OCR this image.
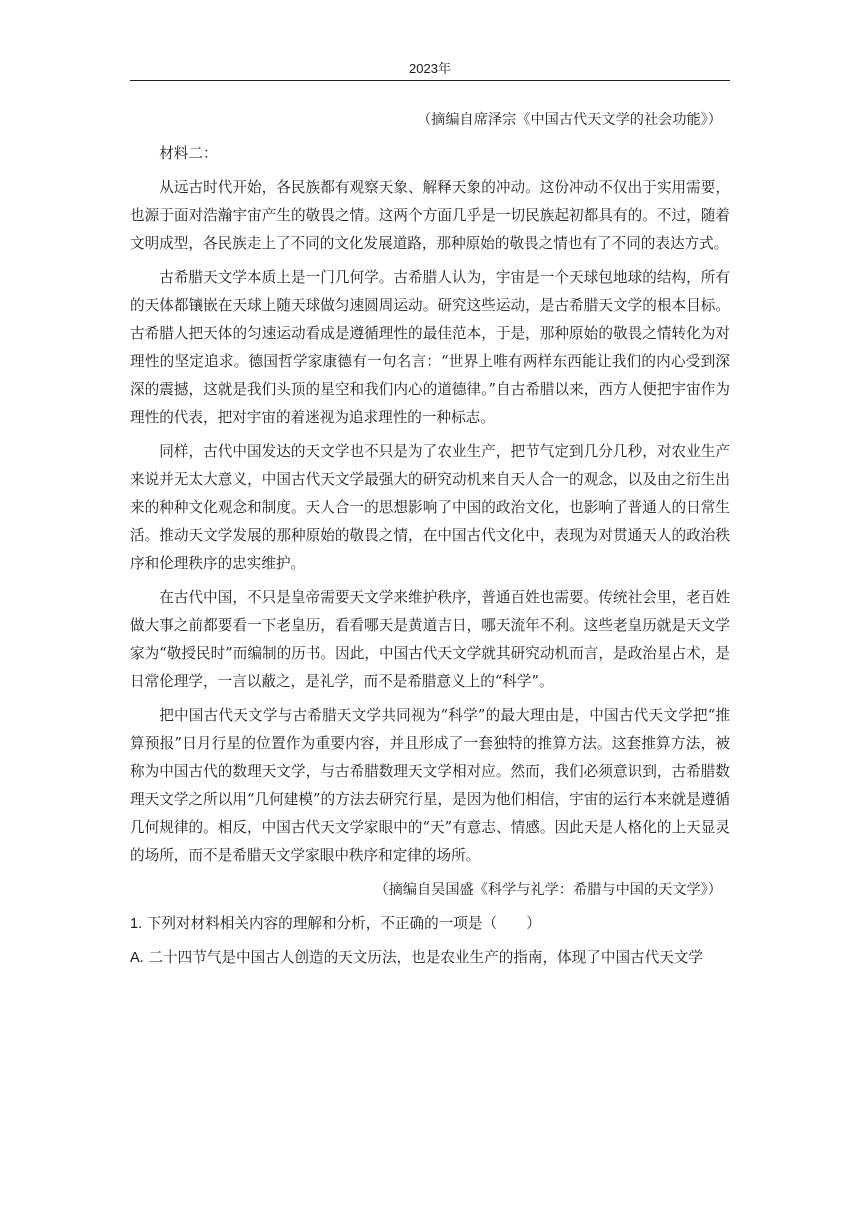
2023年

（摘编自席泽宗《中国古代天文学的社会功能》）

材料二：

从远古时代开始，各民族都有观察天象、解释天象的冲动。这份冲动不仅出于实用需要，也源于面对浩瀚宇宙产生的敬畏之情。这两个方面几乎是一切民族起初都具有的。不过，随着文明成型，各民族走上了不同的文化发展道路，那种原始的敬畏之情也有了不同的表达方式。

古希腊天文学本质上是一门几何学。古希腊人认为，宇宙是一个天球包地球的结构，所有的天体都镶嵌在天球上随天球做匀速圆周运动。研究这些运动，是古希腊天文学的根本目标。古希腊人把天体的匀速运动看成是遵循理性的最佳范本，于是，那种原始的敬畏之情转化为对理性的坚定追求。德国哲学家康德有一句名言：“世界上唯有两样东西能让我们的内心受到深深的震撼，这就是我们头顶的星空和我们内心的道德律。”自古希腊以来，西方人便把宇宙作为理性的代表，把对宇宙的着迷视为追求理性的一种标志。

同样，古代中国发达的天文学也不只是为了农业生产，把节气定到几分几秒，对农业生产来说并无太大意义，中国古代天文学最强大的研究动机来自天人合一的观念，以及由之衍生出来的种种文化观念和制度。天人合一的思想影响了中国的政治文化，也影响了普通人的日常生活。推动天文学发展的那种原始的敬畏之情，在中国古代文化中，表现为对贯通天人的政治秩序和伦理秩序的忠实维护。

在古代中国，不只是皇帝需要天文学来维护秩序，普通百姓也需要。传统社会里，老百姓做大事之前都要看一下老皇历，看看哪天是黄道吉日，哪天流年不利。这些老皇历就是天文学家为“敬授民时”而编制的历书。因此，中国古代天文学就其研究动机而言，是政治星占术，是日常伦理学，一言以蔽之，是礼学，而不是希腊意义上的“科学”。

把中国古代天文学与古希腊天文学共同视为“科学”的最大理由是，中国古代天文学把“推算预报”日月行星的位置作为重要内容，并且形成了一套独特的推算方法。这套推算方法，被称为中国古代的数理天文学，与古希腊数理天文学相对应。然而，我们必须意识到，古希腊数理天文学之所以用“几何建模”的方法去研究行星，是因为他们相信，宇宙的运行本来就是遵循几何规律的。相反，中国古代天文学家眼中的“天”有意志、情感。因此天是人格化的上天显灵的场所，而不是希腊天文学家眼中秩序和定律的场所。

（摘编自吴国盛《科学与礼学：希腊与中国的天文学》）

1. 下列对材料相关内容的理解和分析，不正确的一项是（　　）

A. 二十四节气是中国古人创造的天文历法，也是农业生产的指南，体现了中国古代天文学
